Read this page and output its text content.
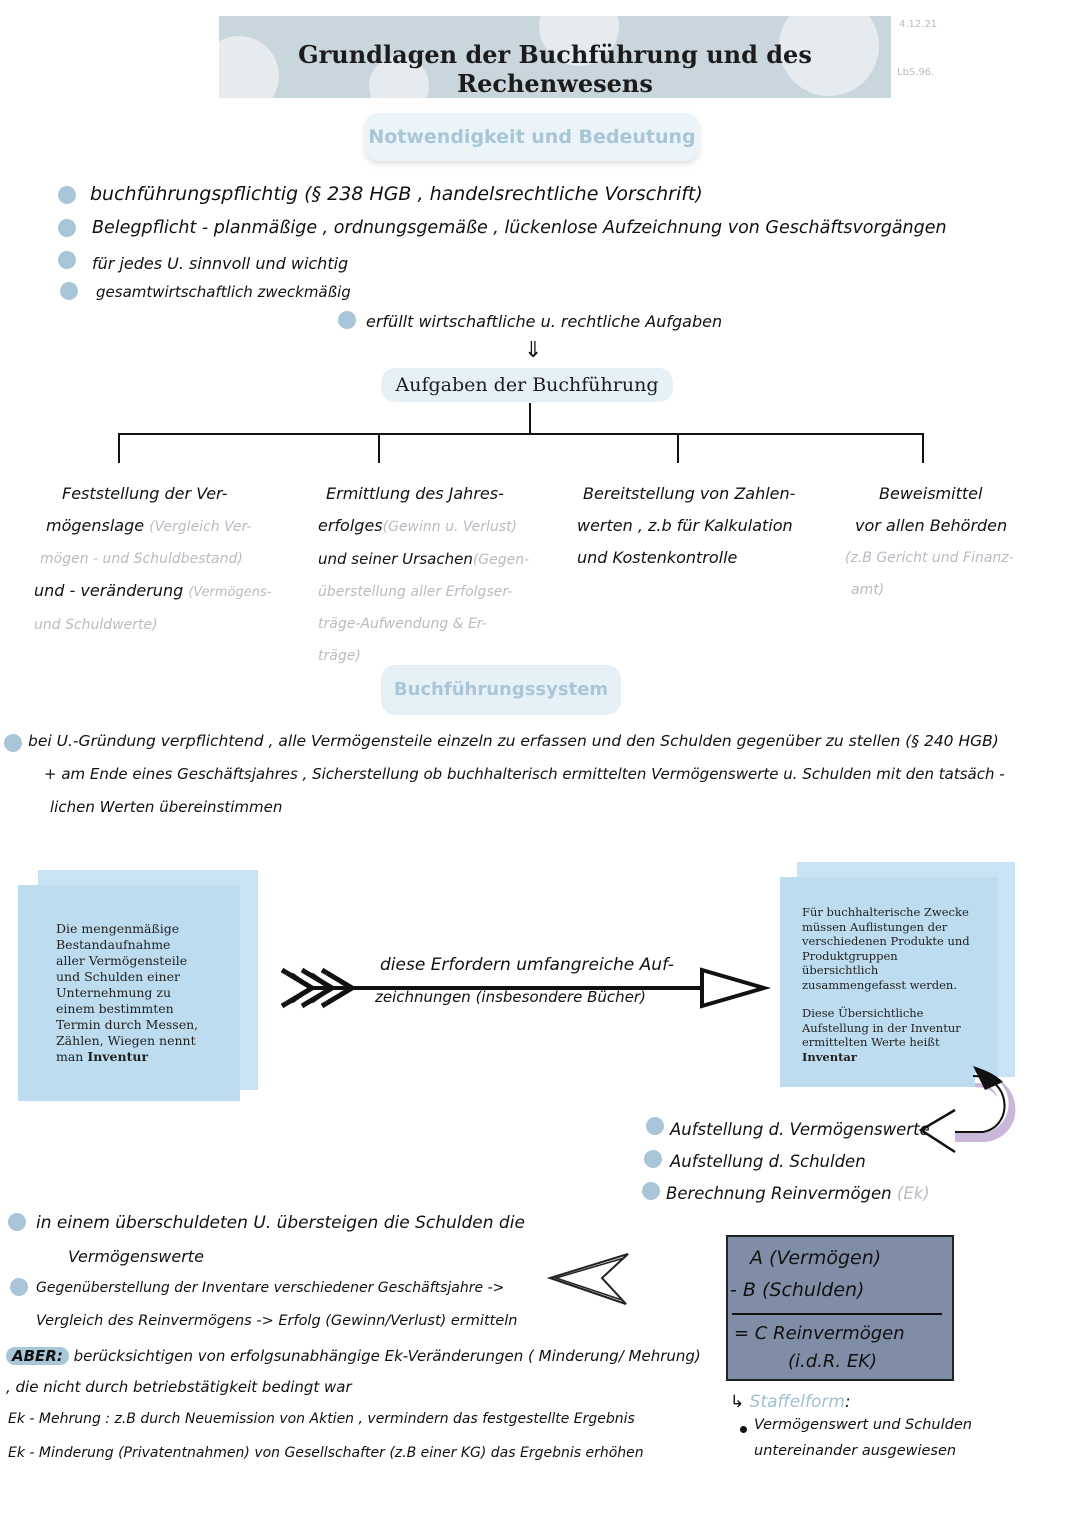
Grundlagen der Buchführung und des Rechenwesens
4.12.21
LbS.96.
Notwendigkeit und Bedeutung
buchführungspflichtig (§ 238 HGB , handelsrechtliche Vorschrift)
Belegpflicht - planmäßige , ordnungsgemäße , lückenlose Aufzeichnung von Geschäftsvorgängen
für jedes U. sinnvoll und wichtig
gesamtwirtschaftlich zweckmäßig
erfüllt wirtschaftliche u. rechtliche Aufgaben
⇓
Aufgaben der Buchführung
Feststellung der Ver-
mögenslage (Vergleich Ver-
mögen - und Schuldbestand)
und - veränderung (Vermögens-
und Schuldwerte)
Ermittlung des Jahres-
erfolges(Gewinn u. Verlust)
und seiner Ursachen(Gegen-
überstellung aller Erfolgser-
träge-Aufwendung & Er-
träge)
Bereitstellung von Zahlen-
werten , z.b für Kalkulation
und Kostenkontrolle
Beweismittel
vor allen Behörden
(z.B Gericht und Finanz-
amt)
Buchführungssystem
bei U.-Gründung verpflichtend , alle Vermögensteile einzeln zu erfassen und den Schulden gegenüber zu stellen (§ 240 HGB)
+ am Ende eines Geschäftsjahres , Sicherstellung ob buchhalterisch ermittelten Vermögenswerte u. Schulden mit den tatsäch -
lichen Werten übereinstimmen
Die mengenmäßige
Bestandaufnahme
aller Vermögensteile
und Schulden einer
Unternehmung zu
einem bestimmten
Termin durch Messen,
Zählen, Wiegen nennt
man Inventur
diese Erfordern umfangreiche Auf-
zeichnungen (insbesondere Bücher)
Für buchhalterische Zwecke
müssen Auflistungen der
verschiedenen Produkte und
Produktgruppen
übersichtlich
zusammengefasst werden.
Diese Übersichtliche
Aufstellung in der Inventur
ermittelten Werte heißt
Inventar
Aufstellung d. Vermögenswerte
Aufstellung d. Schulden
Berechnung Reinvermögen (Ek)
in einem überschuldeten U. übersteigen die Schulden die
Vermögenswerte
Gegenüberstellung der Inventare verschiedener Geschäftsjahre ->
Vergleich des Reinvermögens -> Erfolg (Gewinn/Verlust) ermitteln
ABER: berücksichtigen von erfolgsunabhängige Ek-Veränderungen ( Minderung/ Mehrung)
, die nicht durch betriebstätigkeit bedingt war
Ek - Mehrung : z.B durch Neuemission von Aktien , vermindern das festgestellte Ergebnis
Ek - Minderung (Privatentnahmen) von Gesellschafter (z.B einer KG) das Ergebnis erhöhen
A (Vermögen)
- B (Schulden)
= C Reinvermögen
(i.d.R. EK)
↳ Staffelform:
Vermögenswert und Schulden
untereinander ausgewiesen
